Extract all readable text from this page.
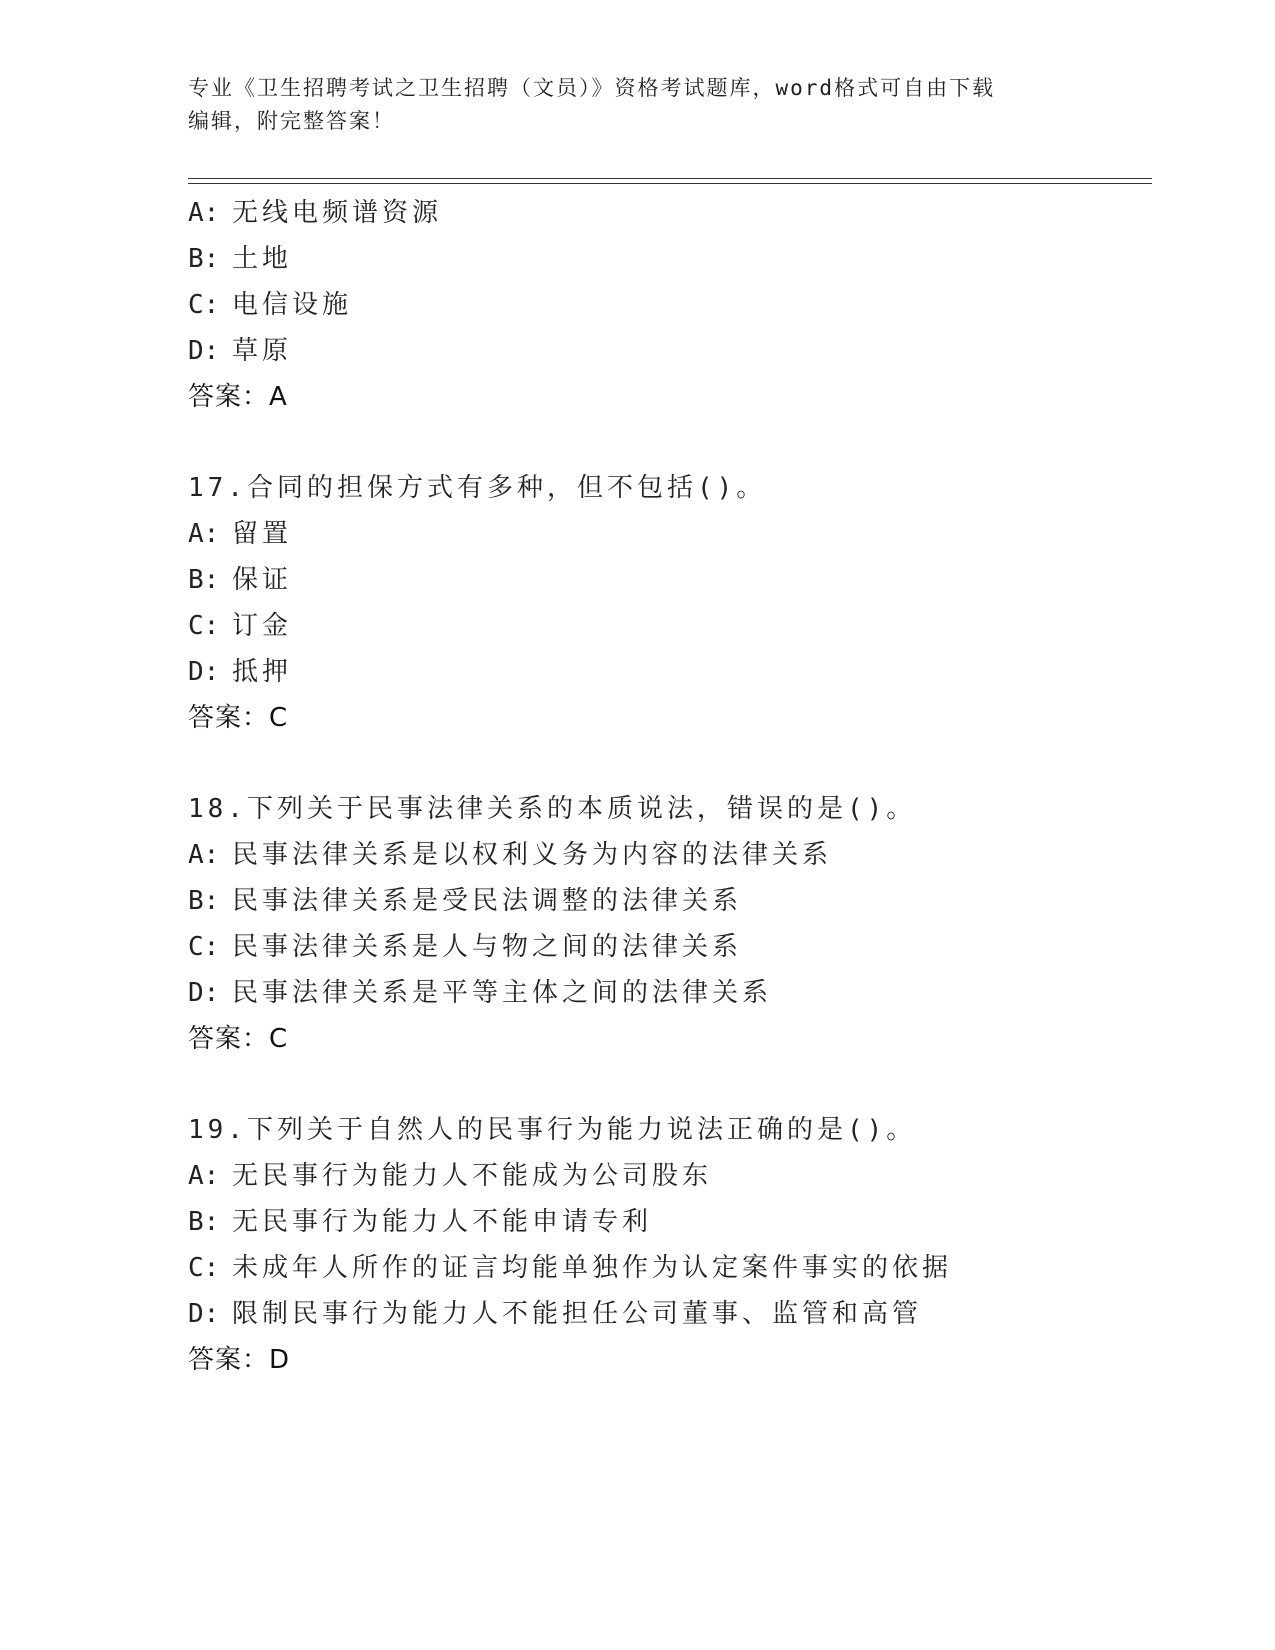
专业《卫生招聘考试之卫生招聘（文员）》资格考试题库，word格式可自由下载
编辑，附完整答案！
A: 无线电频谱资源
B: 土地
C: 电信设施
D: 草原
答案：A
17.合同的担保方式有多种，但不包括()。
A: 留置
B: 保证
C: 订金
D: 抵押
答案：C
18.下列关于民事法律关系的本质说法，错误的是()。
A: 民事法律关系是以权利义务为内容的法律关系
B: 民事法律关系是受民法调整的法律关系
C: 民事法律关系是人与物之间的法律关系
D: 民事法律关系是平等主体之间的法律关系
答案：C
19.下列关于自然人的民事行为能力说法正确的是()。
A: 无民事行为能力人不能成为公司股东
B: 无民事行为能力人不能申请专利
C: 未成年人所作的证言均能单独作为认定案件事实的依据
D: 限制民事行为能力人不能担任公司董事、监管和高管
答案：D
